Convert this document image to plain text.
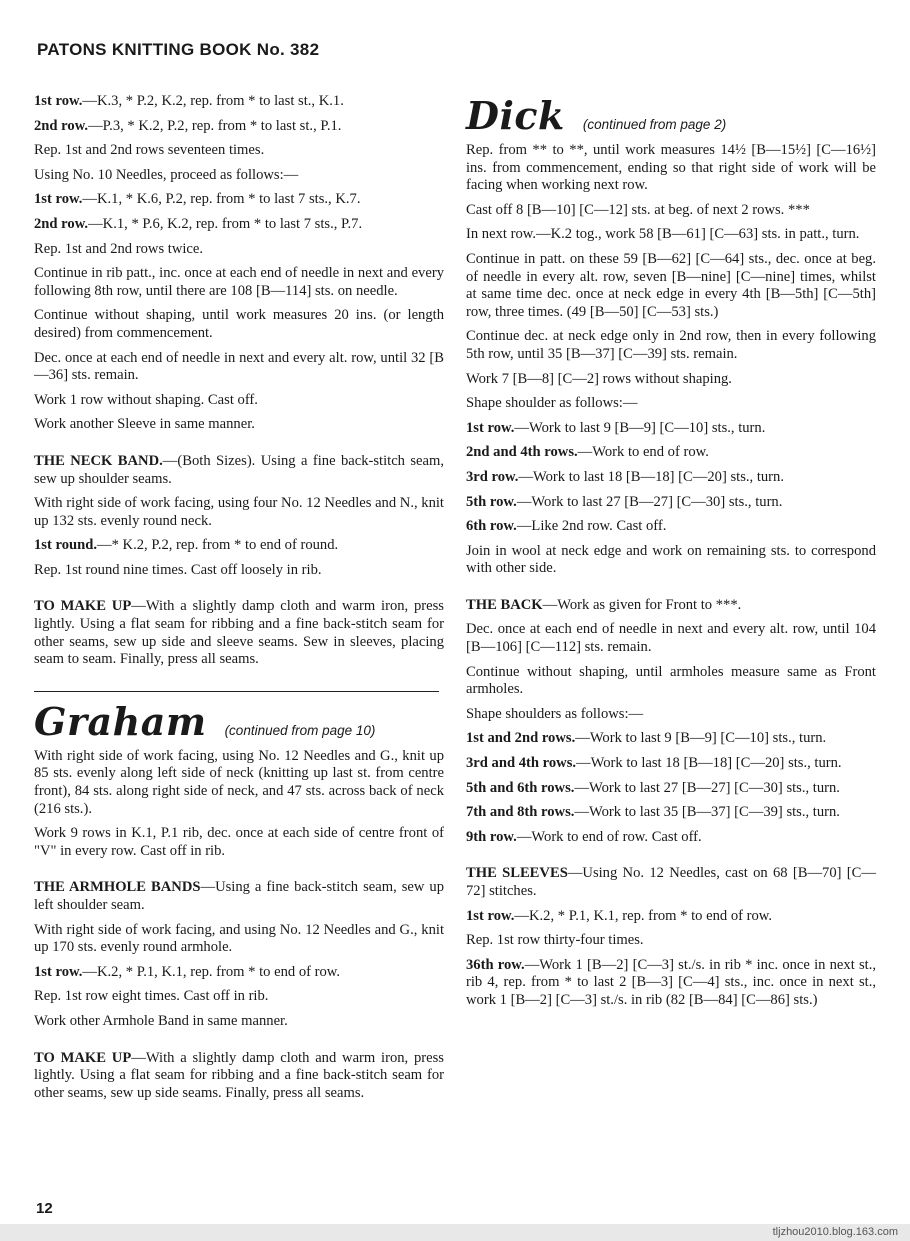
PATONS KNITTING BOOK No. 382

1st row.—K.3, * P.2, K.2, rep. from * to last st., K.1.

2nd row.—P.3, * K.2, P.2, rep. from * to last st., P.1.

Rep. 1st and 2nd rows seventeen times.

Using No. 10 Needles, proceed as follows:—

1st row.—K.1, * K.6, P.2, rep. from * to last 7 sts., K.7.

2nd row.—K.1, * P.6, K.2, rep. from * to last 7 sts., P.7.

Rep. 1st and 2nd rows twice.

Continue in rib patt., inc. once at each end of needle in next and every following 8th row, until there are 108 [B—114] sts. on needle.

Continue without shaping, until work measures 20 ins. (or length desired) from commencement.

Dec. once at each end of needle in next and every alt. row, until 32 [B—36] sts. remain.

Work 1 row without shaping. Cast off.

Work another Sleeve in same manner.

THE NECK BAND.—(Both Sizes). Using a fine back-stitch seam, sew up shoulder seams.

With right side of work facing, using four No. 12 Needles and N., knit up 132 sts. evenly round neck.

1st round.—* K.2, P.2, rep. from * to end of round.

Rep. 1st round nine times. Cast off loosely in rib.

TO MAKE UP—With a slightly damp cloth and warm iron, press lightly. Using a flat seam for ribbing and a fine back-stitch seam for other seams, sew up side and sleeve seams. Sew in sleeves, placing seam to seam. Finally, press all seams.

Graham (continued from page 10)

With right side of work facing, using No. 12 Needles and G., knit up 85 sts. evenly along left side of neck (knitting up last st. from centre front), 84 sts. along right side of neck, and 47 sts. across back of neck (216 sts.).

Work 9 rows in K.1, P.1 rib, dec. once at each side of centre front of "V" in every row. Cast off in rib.

THE ARMHOLE BANDS—Using a fine back-stitch seam, sew up left shoulder seam.

With right side of work facing, and using No. 12 Needles and G., knit up 170 sts. evenly round armhole.

1st row.—K.2, * P.1, K.1, rep. from * to end of row.

Rep. 1st row eight times. Cast off in rib.

Work other Armhole Band in same manner.

TO MAKE UP—With a slightly damp cloth and warm iron, press lightly. Using a flat seam for ribbing and a fine back-stitch seam for other seams, sew up side seams. Finally, press all seams.

Dick (continued from page 2)

Rep. from ** to **, until work measures 14½ [B—15½] [C—16½] ins. from commencement, ending so that right side of work will be facing when working next row.

Cast off 8 [B—10] [C—12] sts. at beg. of next 2 rows. ***

In next row.—K.2 tog., work 58 [B—61] [C—63] sts. in patt., turn.

Continue in patt. on these 59 [B—62] [C—64] sts., dec. once at beg. of needle in every alt. row, seven [B—nine] [C—nine] times, whilst at same time dec. once at neck edge in every 4th [B—5th] [C—5th] row, three times. (49 [B—50] [C—53] sts.)

Continue dec. at neck edge only in 2nd row, then in every following 5th row, until 35 [B—37] [C—39] sts. remain.

Work 7 [B—8] [C—2] rows without shaping.

Shape shoulder as follows:—

1st row.—Work to last 9 [B—9] [C—10] sts., turn.

2nd and 4th rows.—Work to end of row.

3rd row.—Work to last 18 [B—18] [C—20] sts., turn.

5th row.—Work to last 27 [B—27] [C—30] sts., turn.

6th row.—Like 2nd row. Cast off.

Join in wool at neck edge and work on remaining sts. to correspond with other side.

THE BACK—Work as given for Front to ***.

Dec. once at each end of needle in next and every alt. row, until 104 [B—106] [C—112] sts. remain.

Continue without shaping, until armholes measure same as Front armholes.

Shape shoulders as follows:—

1st and 2nd rows.—Work to last 9 [B—9] [C—10] sts., turn.

3rd and 4th rows.—Work to last 18 [B—18] [C—20] sts., turn.

5th and 6th rows.—Work to last 27 [B—27] [C—30] sts., turn.

7th and 8th rows.—Work to last 35 [B—37] [C—39] sts., turn.

9th row.—Work to end of row. Cast off.

THE SLEEVES—Using No. 12 Needles, cast on 68 [B—70] [C—72] stitches.

1st row.—K.2, * P.1, K.1, rep. from * to end of row.

Rep. 1st row thirty-four times.

36th row.—Work 1 [B—2] [C—3] st./s. in rib * inc. once in next st., rib 4, rep. from * to last 2 [B—3] [C—4] sts., inc. once in next st., work 1 [B—2] [C—3] st./s. in rib (82 [B—84] [C—86] sts.)

12
tljzhou2010.blog.163.com
